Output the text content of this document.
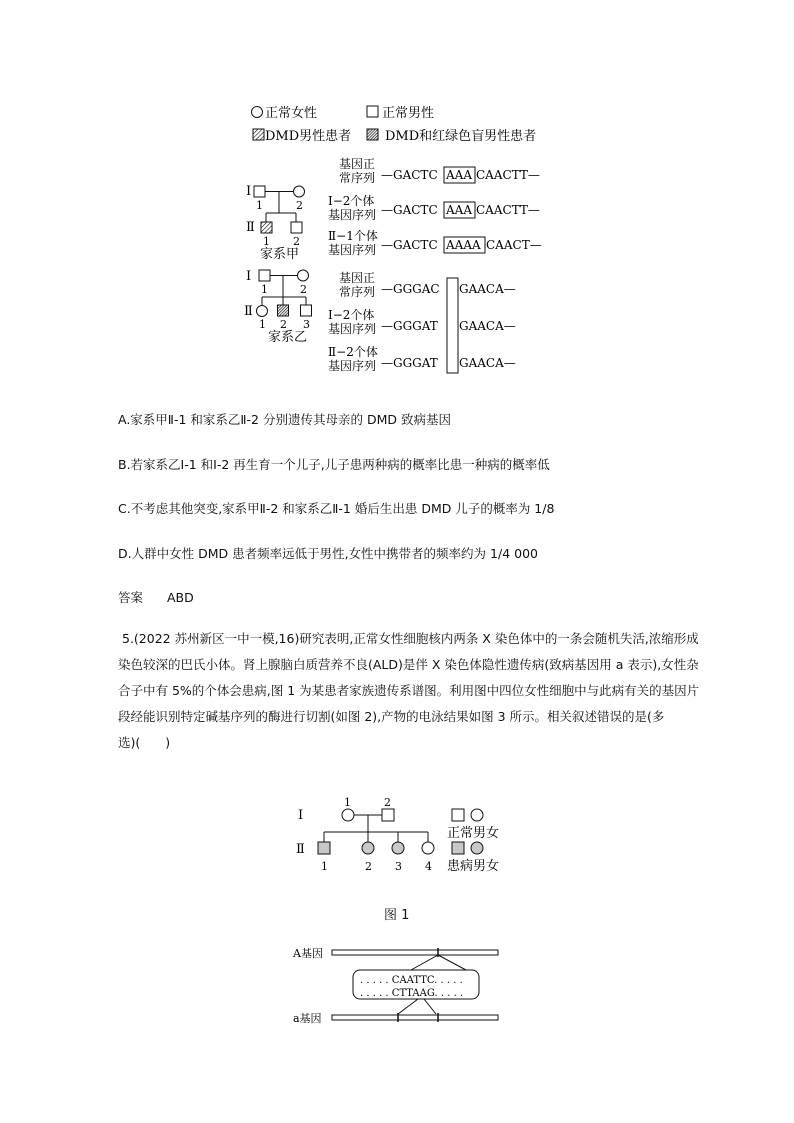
正常女性	正常男性
DMD男性患者	DMD和红绿色盲男性患者
Ⅰ
1	2
Ⅱ
1 2
家系甲
Ⅰ
1	2
Ⅱ
1 2 3
家系乙
基因正
常序列 —GACTC AAA CAACTT—
Ⅰ−2个体
基因序列 —GACTC AAA CAACTT—
Ⅱ−1个体
基因序列 —GACTC AAAA CAACT—
基因正
常序列 —GGGAC GAACA—
Ⅰ−2个体
基因序列 —GGGAT GAACA—
Ⅱ−2个体
基因序列 —GGGAT GAACA—
A.家系甲Ⅱ-1 和家系乙Ⅱ-2 分别遗传其母亲的 DMD 致病基因
B.若家系乙Ⅰ-1 和Ⅰ-2 再生育一个儿子,儿子患两种病的概率比患一种病的概率低
C.不考虑其他突变,家系甲Ⅱ-2 和家系乙Ⅱ-1 婚后生出患 DMD 儿子的概率为 1/8
D.人群中女性 DMD 患者频率远低于男性,女性中携带者的频率约为 1/4 000
答案 ABD
5.(2022 苏州新区一中一模,16)研究表明,正常女性细胞核内两条 X 染色体中的一条会随机失活,浓缩形成
染色较深的巴氏小体。肾上腺脑白质营养不良(ALD)是伴 X 染色体隐性遗传病(致病基因用 a 表示),女性杂
合子中有 5%的个体会患病,图 1 为某患者家族遗传系谱图。利用图中四位女性细胞中与此病有关的基因片
段经能识别特定碱基序列的酶进行切割(如图 2),产物的电泳结果如图 3 所示。相关叙述错误的是(多
选)(　　)
Ⅰ
1	2
Ⅱ
1	2 3 4
正常男女
患病男女
图 1
A基因
. . . . . CAATTC. . . . .
. . . . . CTTAAG. . . . .
a基因
